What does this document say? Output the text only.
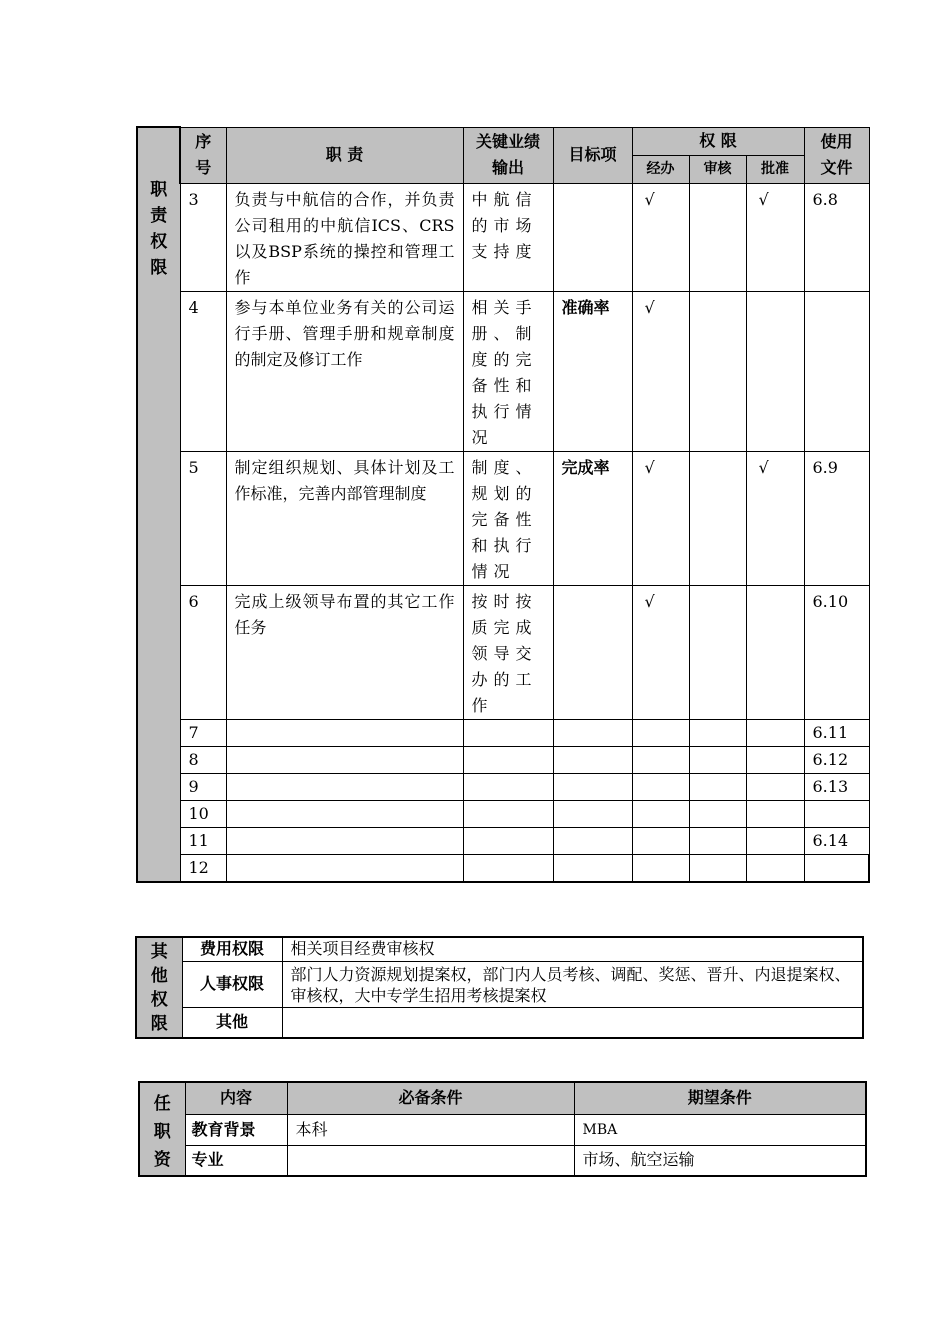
	序号	职 责	关键业绩输出	目标项	权 限			使用文件
					经办	审核	批准	

职责权限	3	负责与中航信的合作，并负责公司租用的中航信ICS、CRS以及BSP系统的操控和管理工作	中航信的市场支持度		√		√	6.8
	4	参与本单位业务有关的公司运行手册、管理手册和规章制度的制定及修订工作	相关手册、制度的完备性和执行情况	准确率	√			
	5	制定组织规划、具体计划及工作标准，完善内部管理制度	制度、规划的完备性和执行情况	完成率	√		√	6.9
	6	完成上级领导布置的其它工作任务	按时按质完成领导交办的工作		√			6.10
	7							6.11
	8							6.12
	9							6.13
	10							
	11							6.14
	12							
其他权限	费用权限	相关项目经费审核权
	人事权限	部门人力资源规划提案权，部门内人员考核、调配、奖惩、晋升、内退提案权、审核权，大中专学生招用考核提案权
	其他	
任职资	内容	必备条件	期望条件
	教育背景	本科	MBA
	专业		市场、航空运输
